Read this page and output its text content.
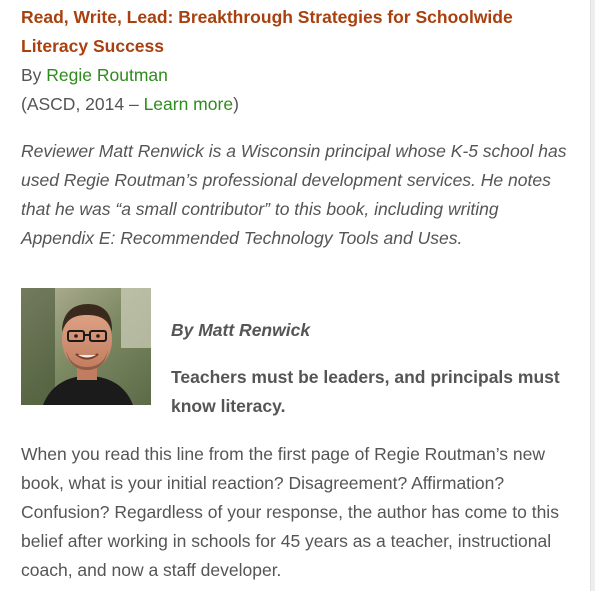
Read, Write, Lead: Breakthrough Strategies for Schoolwide Literacy Success

By Regie Routman

(ASCD, 2014 – Learn more)

Reviewer Matt Renwick is a Wisconsin principal whose K-5 school has used Regie Routman’s professional development services. He notes that he was “a small contributor” to this book, including writing Appendix E: Recommended Technology Tools and Uses.

By Matt Renwick

Teachers must be leaders, and principals must know literacy.

When you read this line from the first page of Regie Routman’s new book, what is your initial reaction? Disagreement? Affirmation? Confusion? Regardless of your response, the author has come to this belief after working in schools for 45 years as a teacher, instructional coach, and now a staff developer.
